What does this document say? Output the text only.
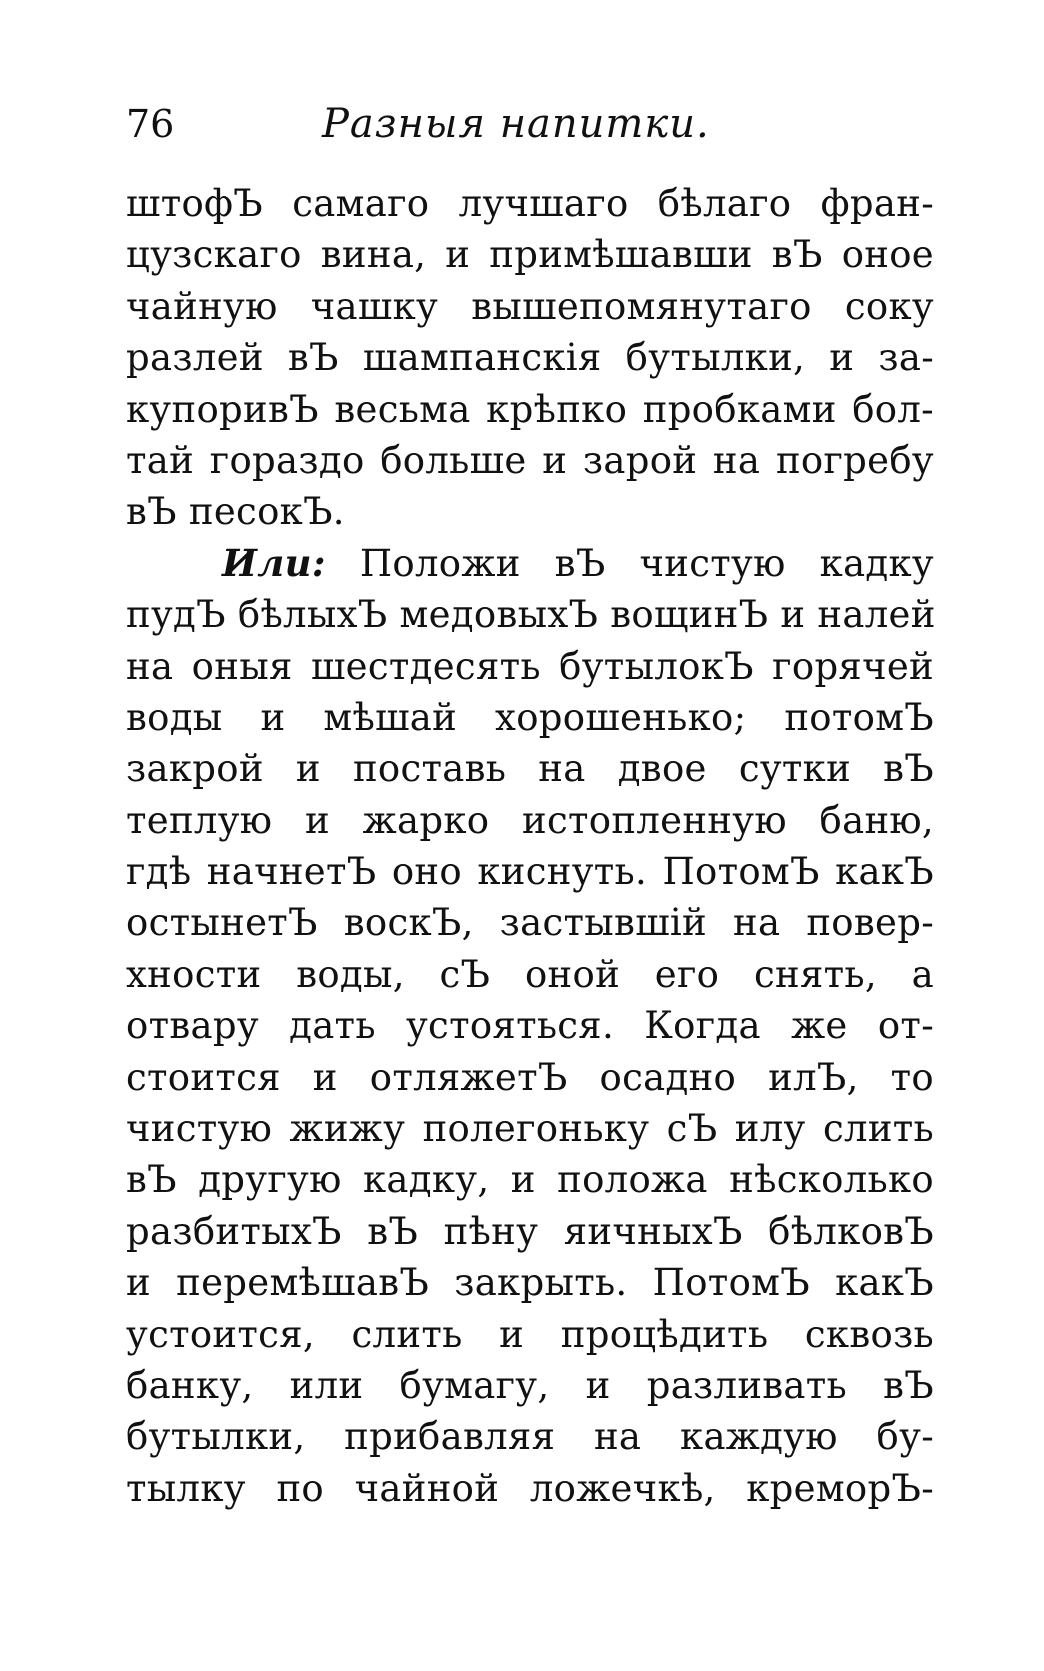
76	Разныя напитки.
штофЪ самаго лучшаго бѣлаго фран-
цузскаго вина, и примѣшавши вЪ оное
чайную чашку вышепомянутаго соку
разлей вЪ шампанскія бутылки, и за-
купоривЪ весьма крѣпко пробками бол-
тай гораздо больше и зарой на погребу
вЪ песокЪ.
Или: Положи вЪ чистую кадку
пудЪ бѣлыхЪ медовыхЪ вощинЪ и налей
на оныя шестдесять бутылокЪ горячей
воды и мѣшай хорошенько; потомЪ
закрой и поставь на двое сутки вЪ
теплую и жарко истопленную баню,
гдѣ начнетЪ оно киснуть. ПотомЪ какЪ
остынетЪ воскЪ, застывшій на повер-
хности воды, сЪ оной его снять, а
отвару дать устояться. Когда же от-
стоится и отляжетЪ осадно илЪ, то
чистую жижу полегоньку сЪ илу слить
вЪ другую кадку, и положа нѣсколько
разбитыхЪ вЪ пѣну яичныхЪ бѣлковЪ
и перемѣшавЪ закрыть. ПотомЪ какЪ
устоится, слить и процѣдить сквозь
банку, или бумагу, и разливать вЪ
бутылки, прибавляя на каждую бу-
тылку по чайной ложечкѣ, кpeмopЪ-
